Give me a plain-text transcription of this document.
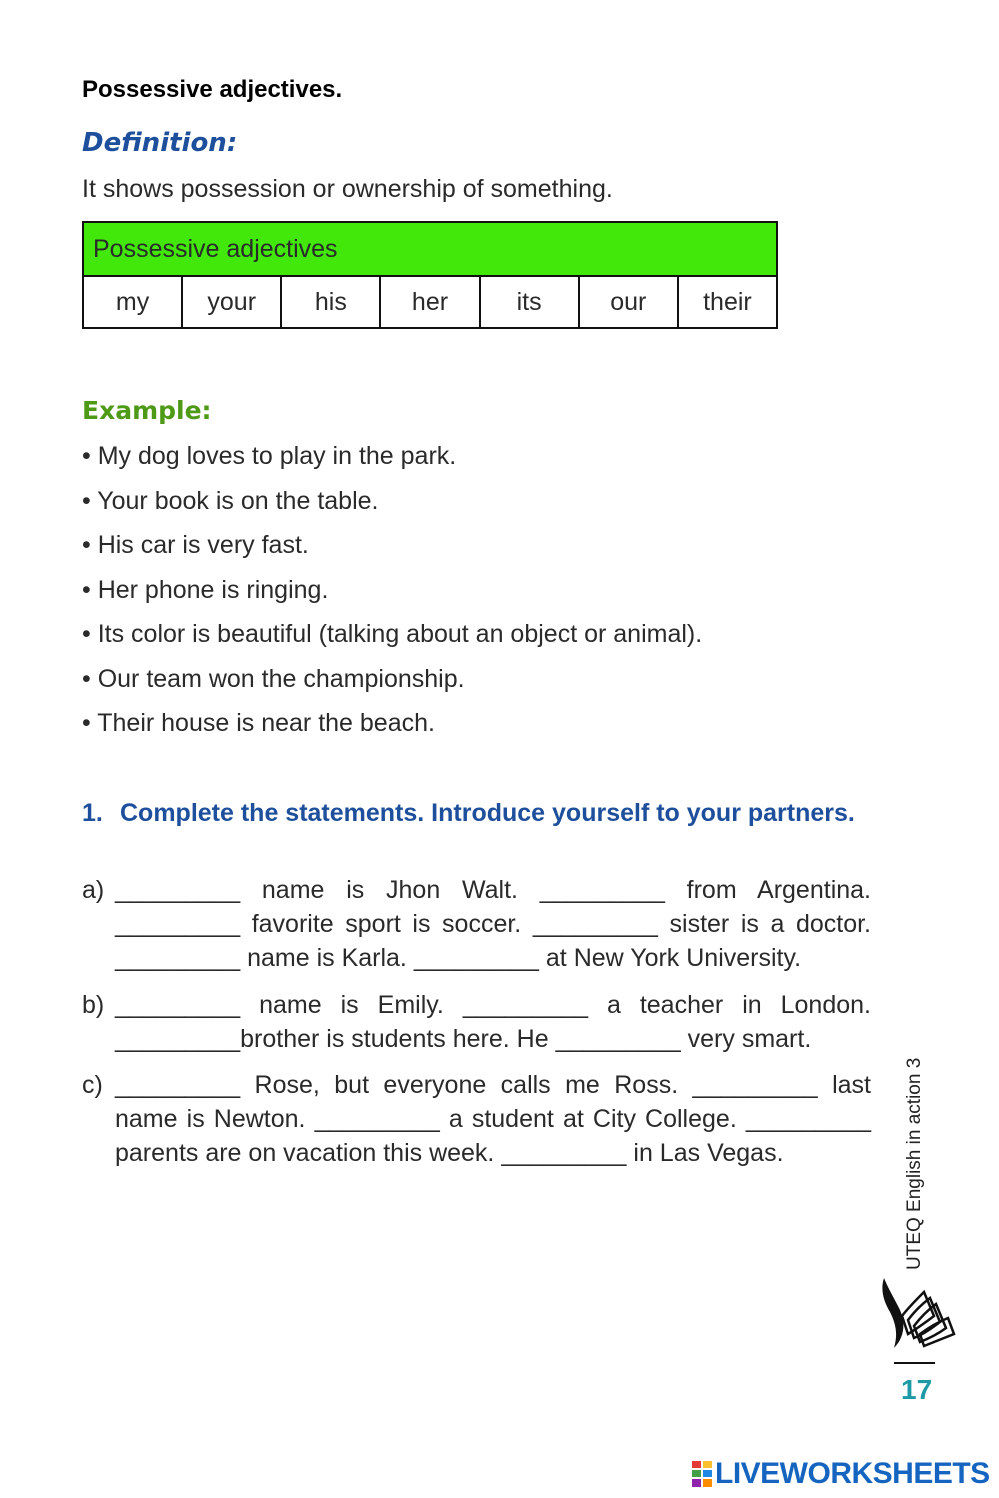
Possessive adjectives.
Definition:
It shows possession or ownership of something.
Possessive adjectives
my	your	his	her	its	our	their
Example:
• My dog loves to play in the park.
• Your book is on the table.
• His car is very fast.
• Her phone is ringing.
• Its color is beautiful (talking about an object or animal).
• Our team won the championship.
• Their house is near the beach.
1. Complete the statements. Introduce yourself to your partners.
a) _________ name is Jhon Walt. _________ from Argentina. _________ favorite sport is soccer. _________ sister is a doctor. _________ name is Karla. _________ at New York University.
b) _________ name is Emily. _________ a teacher in London. _________brother is students here. He _________ very smart.
c) _________ Rose, but everyone calls me Ross. _________ last name is Newton. _________ a student at City College. _________ parents are on vacation this week. _________ in Las Vegas.	UTEQ English in action 3
17
LIVEWORKSHEETS
